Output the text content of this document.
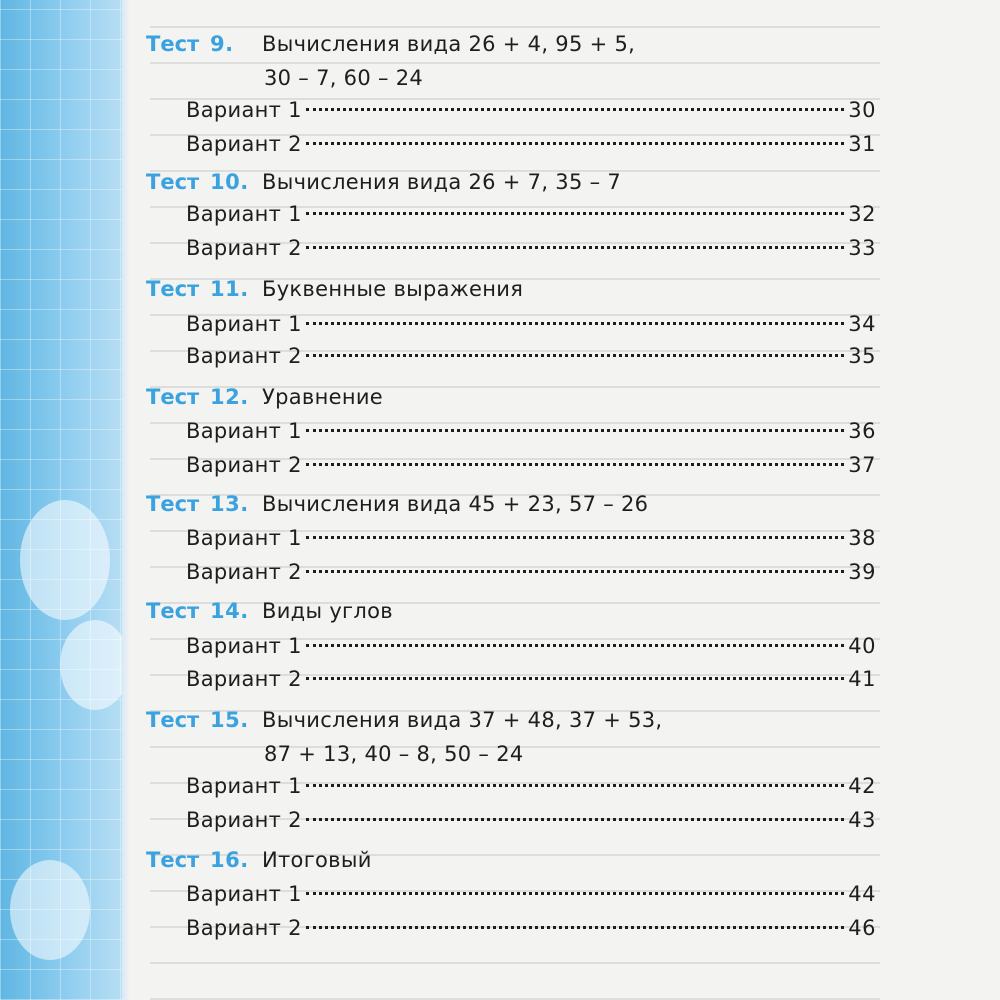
Тест 9.	Вычисления вида 26 + 4, 95 + 5,
30 – 7, 60 – 24
Вариант 1	30
Вариант 2	31
Тест 10. Вычисления вида 26 + 7, 35 – 7
Вариант 1	32
Вариант 2	33
Тест 11. Буквенные выражения
Вариант 1	34
Вариант 2	35
Тест 12. Уравнение
Вариант 1	36
Вариант 2	37
Тест 13. Вычисления вида 45 + 23, 57 – 26
Вариант 1	38
Вариант 2	39
Тест 14. Виды углов
Вариант 1	40
Вариант 2	41
Тест 15. Вычисления вида 37 + 48, 37 + 53,
87 + 13, 40 – 8, 50 – 24
Вариант 1	42
Вариант 2	43
Тест 16. Итоговый
Вариант 1	44
Вариант 2	46
